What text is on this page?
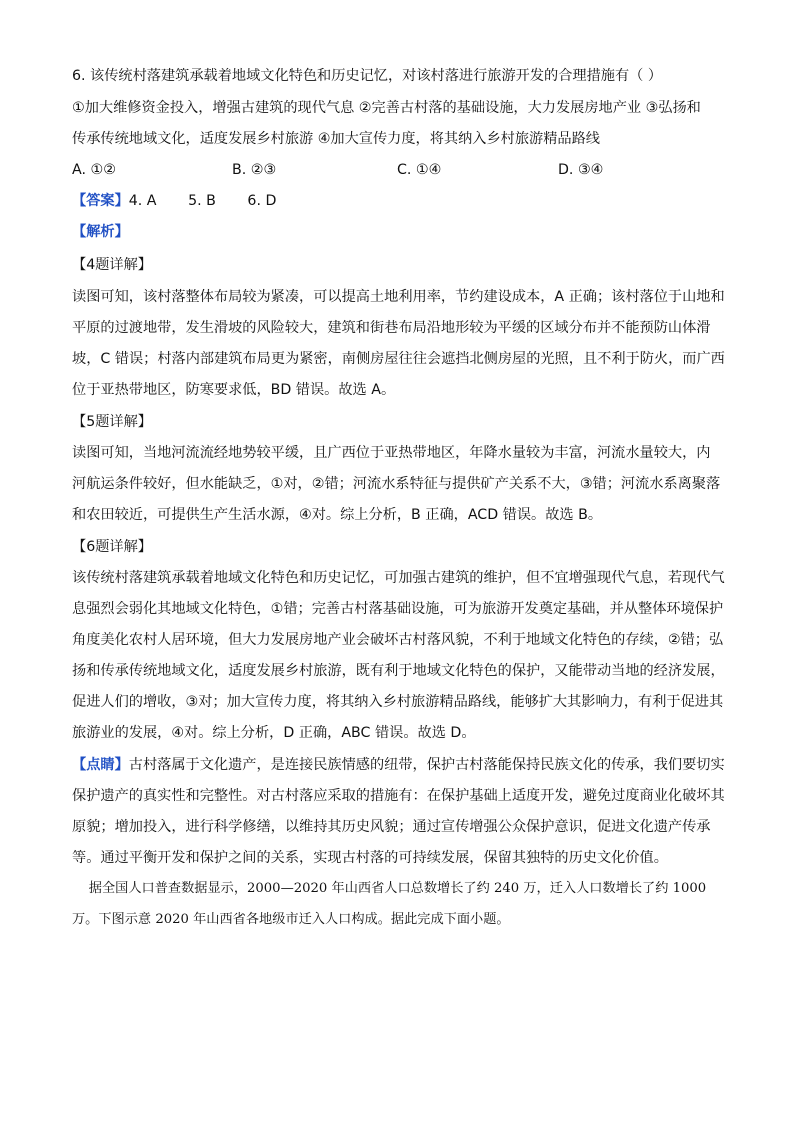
6. 该传统村落建筑承载着地域文化特色和历史记忆，对该村落进行旅游开发的合理措施有（ ）
①加大维修资金投入，增强古建筑的现代气息 ②完善古村落的基础设施，大力发展房地产业 ③弘扬和
传承传统地域文化，适度发展乡村旅游 ④加大宣传力度，将其纳入乡村旅游精品路线
A. ①②	B. ②③	C. ①④	D. ③④
【答案】4. A       5. B       6. D
【解析】
【4题详解】
读图可知，该村落整体布局较为紧凑，可以提高土地利用率，节约建设成本，A 正确；该村落位于山地和
平原的过渡地带，发生滑坡的风险较大，建筑和街巷布局沿地形较为平缓的区域分布并不能预防山体滑
坡，C 错误；村落内部建筑布局更为紧密，南侧房屋往往会遮挡北侧房屋的光照，且不利于防火，而广西
位于亚热带地区，防寒要求低，BD 错误。故选 A。
【5题详解】
读图可知，当地河流流经地势较平缓，且广西位于亚热带地区，年降水量较为丰富，河流水量较大，内
河航运条件较好，但水能缺乏，①对，②错；河流水系特征与提供矿产关系不大，③错；河流水系离聚落
和农田较近，可提供生产生活水源，④对。综上分析，B 正确，ACD 错误。故选 B。
【6题详解】
该传统村落建筑承载着地域文化特色和历史记忆，可加强古建筑的维护，但不宜增强现代气息，若现代气
息强烈会弱化其地域文化特色，①错；完善古村落基础设施，可为旅游开发奠定基础，并从整体环境保护
角度美化农村人居环境，但大力发展房地产业会破坏古村落风貌，不利于地域文化特色的存续，②错；弘
扬和传承传统地域文化，适度发展乡村旅游，既有利于地域文化特色的保护，又能带动当地的经济发展，
促进人们的增收，③对；加大宣传力度，将其纳入乡村旅游精品路线，能够扩大其影响力，有利于促进其
旅游业的发展，④对。综上分析，D 正确，ABC 错误。故选 D。
【点睛】古村落属于文化遗产，是连接民族情感的纽带，保护古村落能保持民族文化的传承，我们要切实
保护遗产的真实性和完整性。对古村落应采取的措施有：在保护基础上适度开发，避免过度商业化破坏其
原貌；增加投入，进行科学修缮，以维持其历史风貌；通过宣传增强公众保护意识，促进文化遗产传承
等。通过平衡开发和保护之间的关系，实现古村落的可持续发展，保留其独特的历史文化价值。
据全国人口普查数据显示，2000—2020 年山西省人口总数增长了约 240 万，迁入人口数增长了约 1000
万。下图示意 2020 年山西省各地级市迁入人口构成。据此完成下面小题。
